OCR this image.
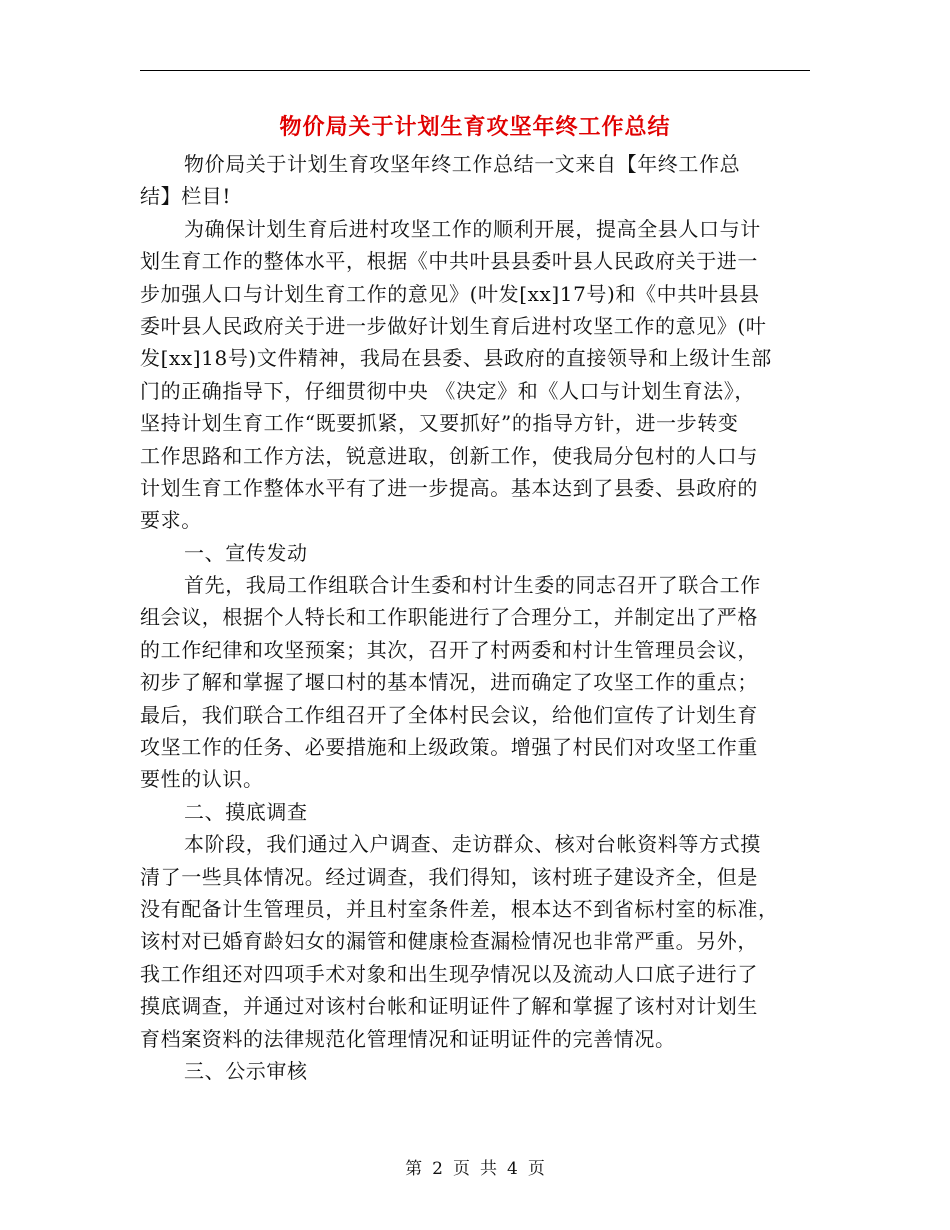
物价局关于计划生育攻坚年终工作总结
物价局关于计划生育攻坚年终工作总结一文来自【年终工作总
结】栏目!
为确保计划生育后进村攻坚工作的顺利开展，提高全县人口与计
划生育工作的整体水平，根据《中共叶县县委叶县人民政府关于进一
步加强人口与计划生育工作的意见》(叶发[xx]17号)和《中共叶县县
委叶县人民政府关于进一步做好计划生育后进村攻坚工作的意见》(叶
发[xx]18号)文件精神，我局在县委、县政府的直接领导和上级计生部
门的正确指导下，仔细贯彻中央 《决定》和《人口与计划生育法》，
坚持计划生育工作“既要抓紧，又要抓好”的指导方针，进一步转变
工作思路和工作方法，锐意进取，创新工作，使我局分包村的人口与
计划生育工作整体水平有了进一步提高。基本达到了县委、县政府的
要求。
一、宣传发动
首先，我局工作组联合计生委和村计生委的同志召开了联合工作
组会议，根据个人特长和工作职能进行了合理分工，并制定出了严格
的工作纪律和攻坚预案；其次，召开了村两委和村计生管理员会议，
初步了解和掌握了堰口村的基本情况，进而确定了攻坚工作的重点；
最后，我们联合工作组召开了全体村民会议，给他们宣传了计划生育
攻坚工作的任务、必要措施和上级政策。增强了村民们对攻坚工作重
要性的认识。
二、摸底调查
本阶段，我们通过入户调查、走访群众、核对台帐资料等方式摸
清了一些具体情况。经过调查，我们得知，该村班子建设齐全，但是
没有配备计生管理员，并且村室条件差，根本达不到省标村室的标准，
该村对已婚育龄妇女的漏管和健康检查漏检情况也非常严重。另外，
我工作组还对四项手术对象和出生现孕情况以及流动人口底子进行了
摸底调查，并通过对该村台帐和证明证件了解和掌握了该村对计划生
育档案资料的法律规范化管理情况和证明证件的完善情况。
三、公示审核
第 2 页 共 4 页
